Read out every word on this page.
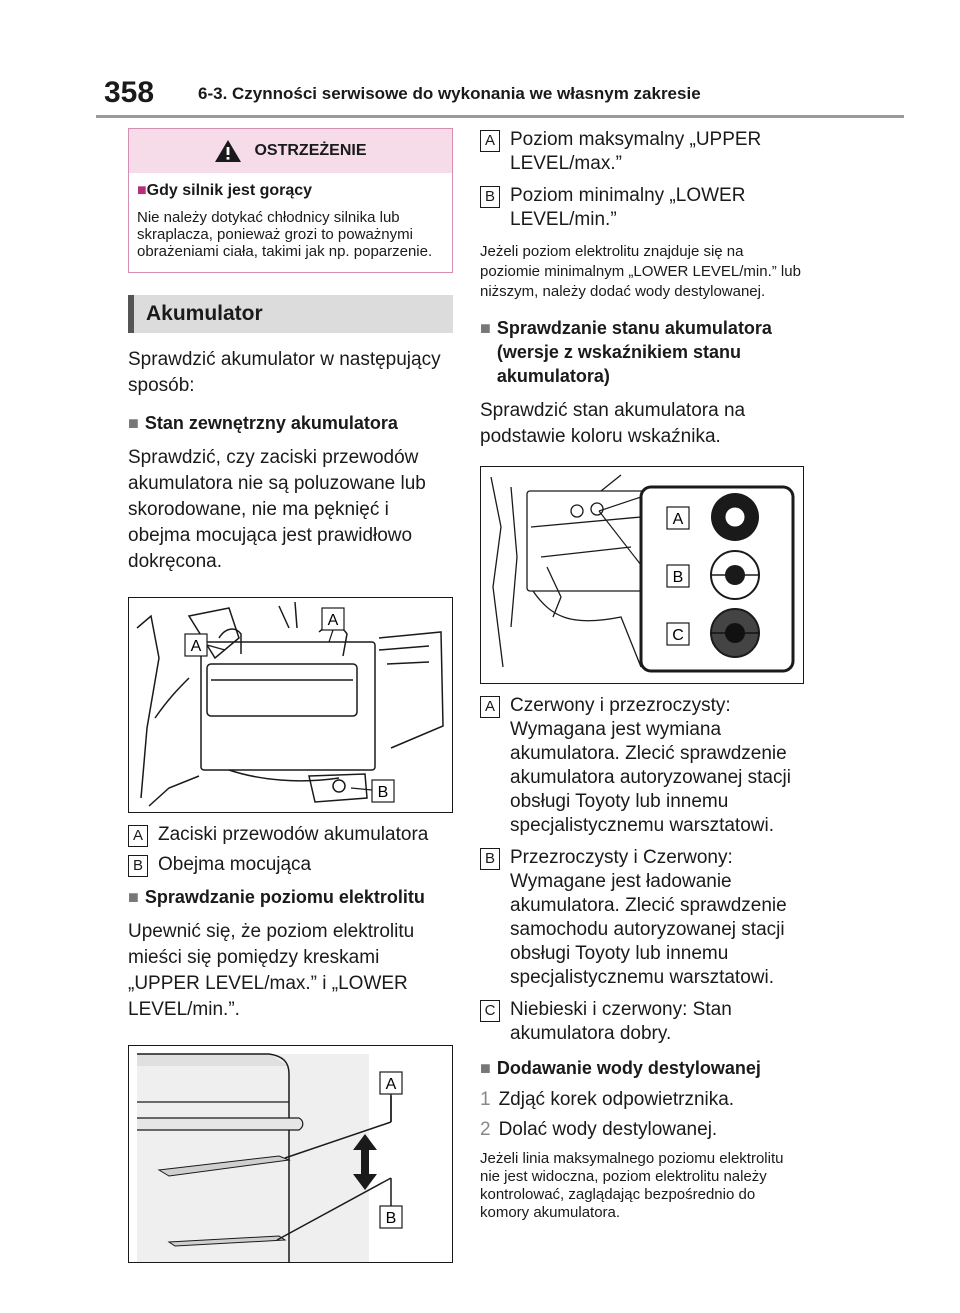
358	6-3. Czynności serwisowe do wykonania we własnym zakresie
OSTRZEŻENIE
■Gdy silnik jest gorący

Nie należy dotykać chłodnicy silnika lub skraplacza, ponieważ grozi to poważnymi obrażeniami ciała, takimi jak np. poparzenie.

Akumulator

Sprawdzić akumulator w następujący sposób:

■ Stan zewnętrzny akumulatora

Sprawdzić, czy zaciski przewodów akumulatora nie są poluzowane lub skorodowane, nie ma pęknięć i obejma mocująca jest prawidłowo dokręcona.

A
A
B
A Zaciski przewodów akumulatora
B Obejma mocująca
■ Sprawdzanie poziomu elektrolitu

Upewnić się, że poziom elektrolitu mieści się pomiędzy kreskami „UPPER LEVEL/max.” i „LOWER LEVEL/min.”.

A
B
A Poziom maksymalny „UPPER LEVEL/max.”
B Poziom minimalny „LOWER LEVEL/min.”

Jeżeli poziom elektrolitu znajduje się na poziomie minimalnym „LOWER LEVEL/min.” lub niższym, należy dodać wody destylowanej.

■ Sprawdzanie stanu akumulatora (wersje z wskaźnikiem stanu akumulatora)

Sprawdzić stan akumulatora na podstawie koloru wskaźnika.

A
B
C
A Czerwony i przezroczysty: Wymagana jest wymiana akumulatora. Zlecić sprawdzenie akumulatora autoryzowanej stacji obsługi Toyoty lub innemu specjalistycznemu warsztatowi.
B Przezroczysty i Czerwony: Wymagane jest ładowanie akumulatora. Zlecić sprawdzenie samochodu autoryzowanej stacji obsługi Toyoty lub innemu specjalistycznemu warsztatowi.
C Niebieski i czerwony: Stan akumulatora dobry.
■ Dodawanie wody destylowanej
1 Zdjąć korek odpowietrznika.
2 Dolać wody destylowanej.

Jeżeli linia maksymalnego poziomu elektrolitu nie jest widoczna, poziom elektrolitu należy kontrolować, zaglądając bezpośrednio do komory akumulatora.
